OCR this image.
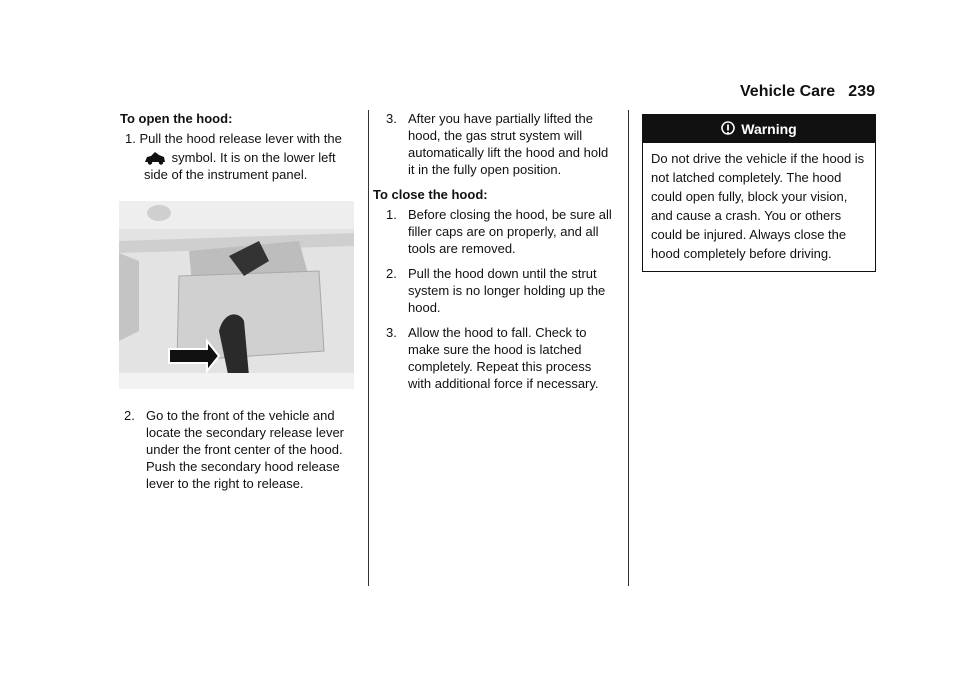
Vehicle Care 239
To open the hood:
1. Pull the hood release lever with the
symbol. It is on the lower left side of the instrument panel.
2. Go to the front of the vehicle and locate the secondary release lever under the front center of the hood. Push the secondary hood release lever to the right to release.
3. After you have partially lifted the hood, the gas strut system will automatically lift the hood and hold it in the fully open position.
To close the hood:
1. Before closing the hood, be sure all filler caps are on properly, and all tools are removed.
2. Pull the hood down until the strut system is no longer holding up the hood.
3. Allow the hood to fall. Check to make sure the hood is latched completely. Repeat this process with additional force if necessary.
Warning
Do not drive the vehicle if the hood is not latched completely. The hood could open fully, block your vision, and cause a crash. You or others could be injured. Always close the hood completely before driving.
